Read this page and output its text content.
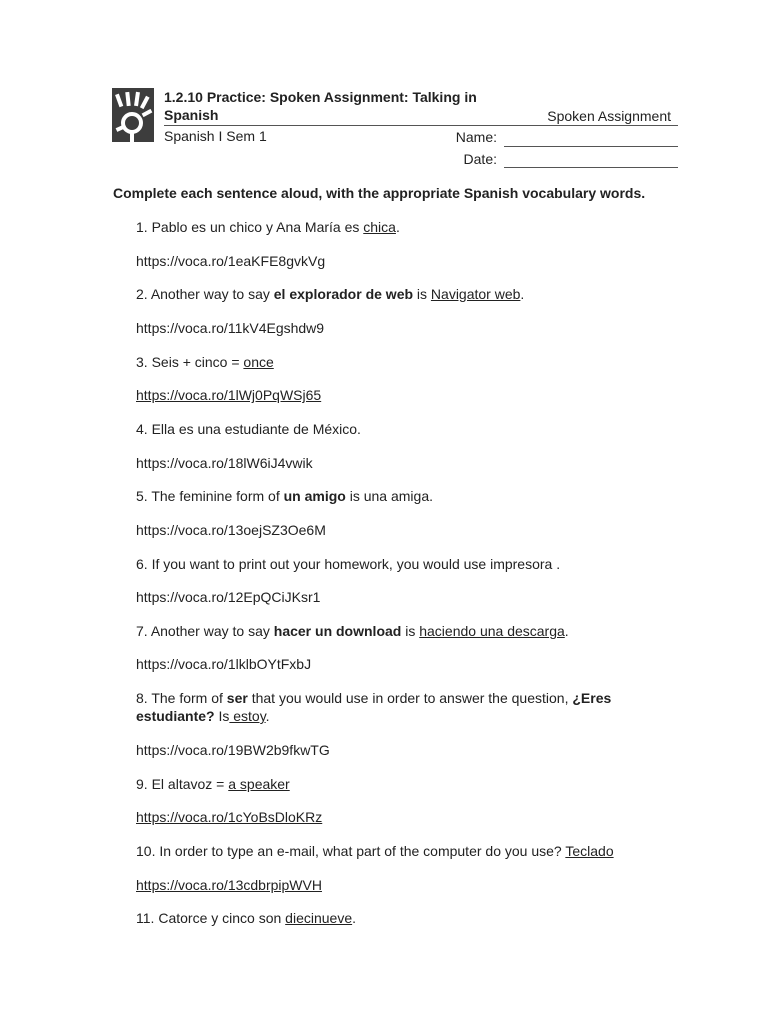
1.2.10 Practice: Spoken Assignment: Talking in Spanish	Spoken Assignment
Spanish I Sem 1	Name:
Date:
Complete each sentence aloud, with the appropriate Spanish vocabulary words.
1. Pablo es un chico y Ana María es chica.
https://voca.ro/1eaKFE8gvkVg
2. Another way to say el explorador de web is Navigator web.
https://voca.ro/11kV4Egshdw9
3. Seis + cinco = once
https://voca.ro/1lWj0PqWSj65
4. Ella es una estudiante de México.
https://voca.ro/18lW6iJ4vwik
5. The feminine form of un amigo is una amiga.
https://voca.ro/13oejSZ3Oe6M
6. If you want to print out your homework, you would use impresora .
https://voca.ro/12EpQCiJKsr1
7. Another way to say hacer un download is haciendo una descarga.
https://voca.ro/1lklbOYtFxbJ
8. The form of ser that you would use in order to answer the question, ¿Eres estudiante? Is estoy.
https://voca.ro/19BW2b9fkwTG
9. El altavoz = a speaker
https://voca.ro/1cYoBsDloKRz
10. In order to type an e-mail, what part of the computer do you use? Teclado
https://voca.ro/13cdbrpipWVH
11. Catorce y cinco son diecinueve.
